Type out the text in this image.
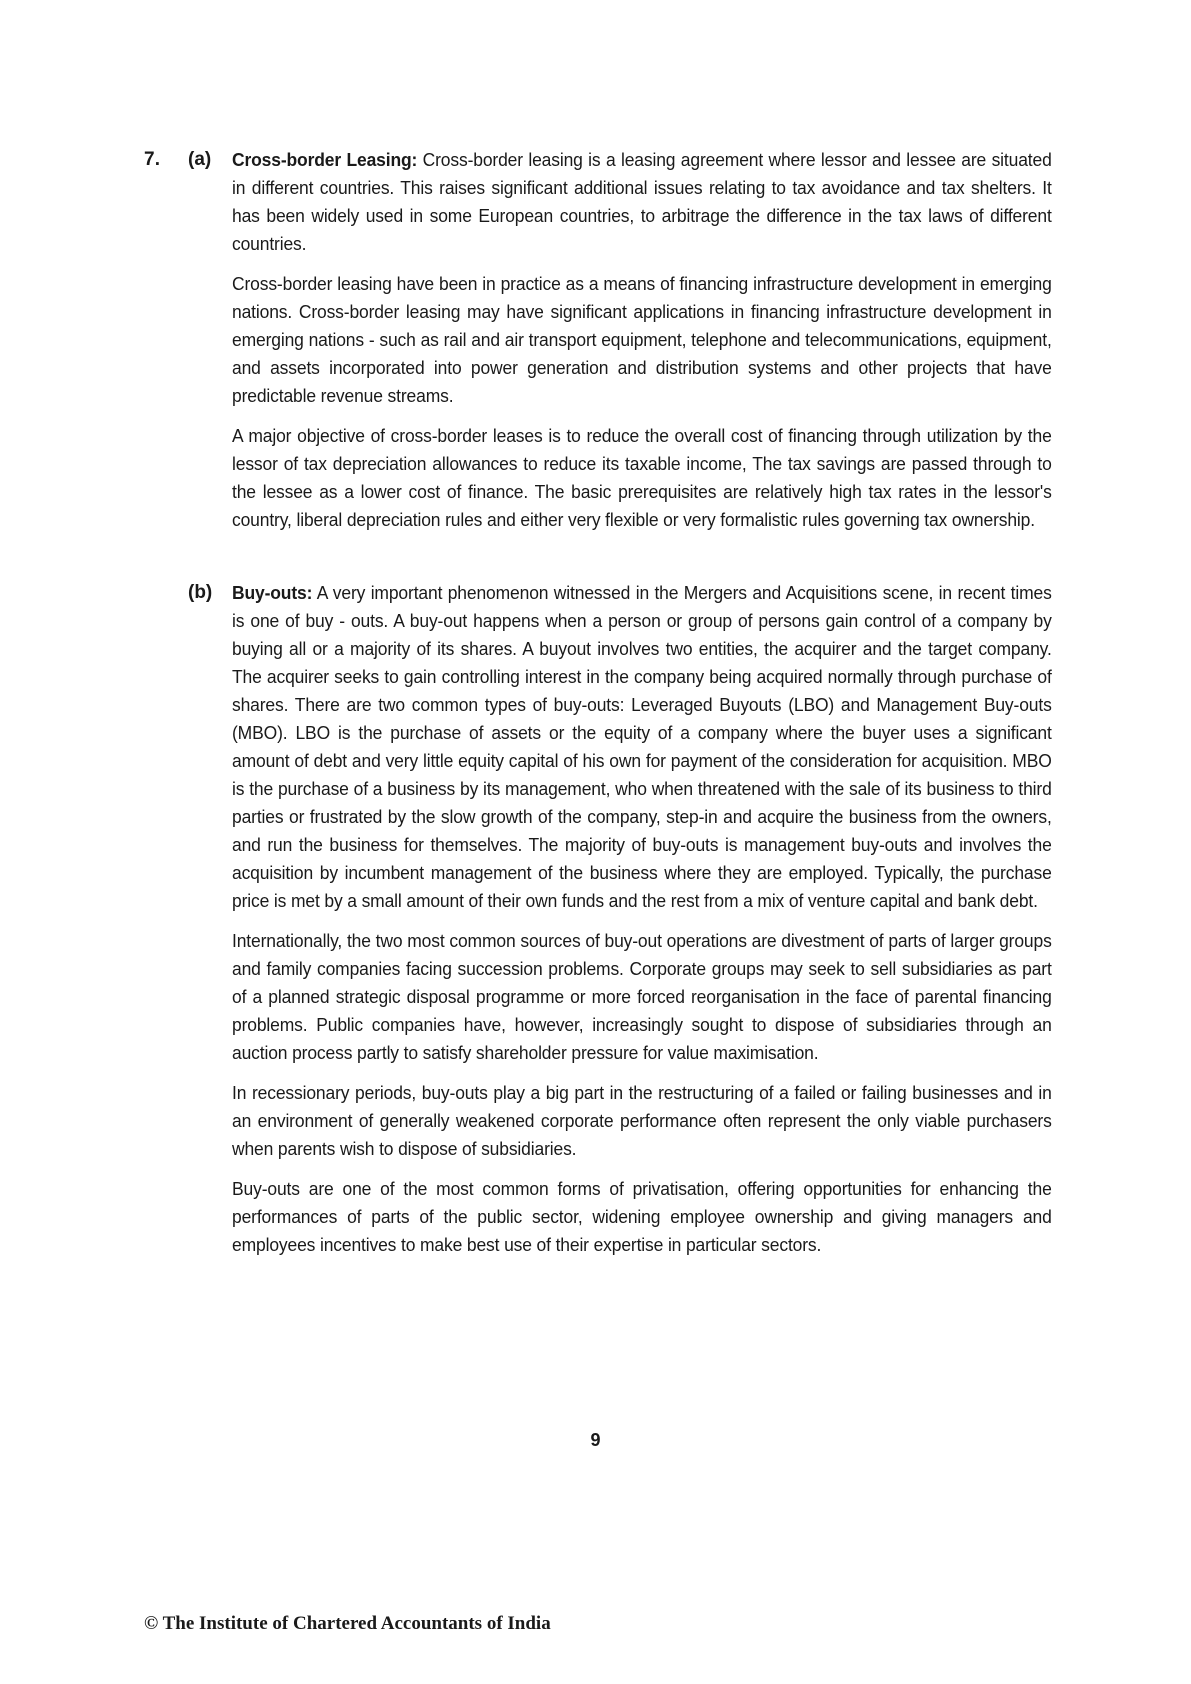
7. (a) Cross-border Leasing: Cross-border leasing is a leasing agreement where lessor and lessee are situated in different countries. This raises significant additional issues relating to tax avoidance and tax shelters. It has been widely used in some European countries, to arbitrage the difference in the tax laws of different countries.

Cross-border leasing have been in practice as a means of financing infrastructure development in emerging nations. Cross-border leasing may have significant applications in financing infrastructure development in emerging nations - such as rail and air transport equipment, telephone and telecommunications, equipment, and assets incorporated into power generation and distribution systems and other projects that have predictable revenue streams.

A major objective of cross-border leases is to reduce the overall cost of financing through utilization by the lessor of tax depreciation allowances to reduce its taxable income, The tax savings are passed through to the lessee as a lower cost of finance. The basic prerequisites are relatively high tax rates in the lessor's country, liberal depreciation rules and either very flexible or very formalistic rules governing tax ownership.

(b) Buy-outs: A very important phenomenon witnessed in the Mergers and Acquisitions scene, in recent times is one of buy - outs. A buy-out happens when a person or group of persons gain control of a company by buying all or a majority of its shares. A buyout involves two entities, the acquirer and the target company. The acquirer seeks to gain controlling interest in the company being acquired normally through purchase of shares. There are two common types of buy-outs: Leveraged Buyouts (LBO) and Management Buy-outs (MBO). LBO is the purchase of assets or the equity of a company where the buyer uses a significant amount of debt and very little equity capital of his own for payment of the consideration for acquisition. MBO is the purchase of a business by its management, who when threatened with the sale of its business to third parties or frustrated by the slow growth of the company, step-in and acquire the business from the owners, and run the business for themselves. The majority of buy-outs is management buy-outs and involves the acquisition by incumbent management of the business where they are employed. Typically, the purchase price is met by a small amount of their own funds and the rest from a mix of venture capital and bank debt.

Internationally, the two most common sources of buy-out operations are divestment of parts of larger groups and family companies facing succession problems. Corporate groups may seek to sell subsidiaries as part of a planned strategic disposal programme or more forced reorganisation in the face of parental financing problems. Public companies have, however, increasingly sought to dispose of subsidiaries through an auction process partly to satisfy shareholder pressure for value maximisation.

In recessionary periods, buy-outs play a big part in the restructuring of a failed or failing businesses and in an environment of generally weakened corporate performance often represent the only viable purchasers when parents wish to dispose of subsidiaries.

Buy-outs are one of the most common forms of privatisation, offering opportunities for enhancing the performances of parts of the public sector, widening employee ownership and giving managers and employees incentives to make best use of their expertise in particular sectors.

9
© The Institute of Chartered Accountants of India
